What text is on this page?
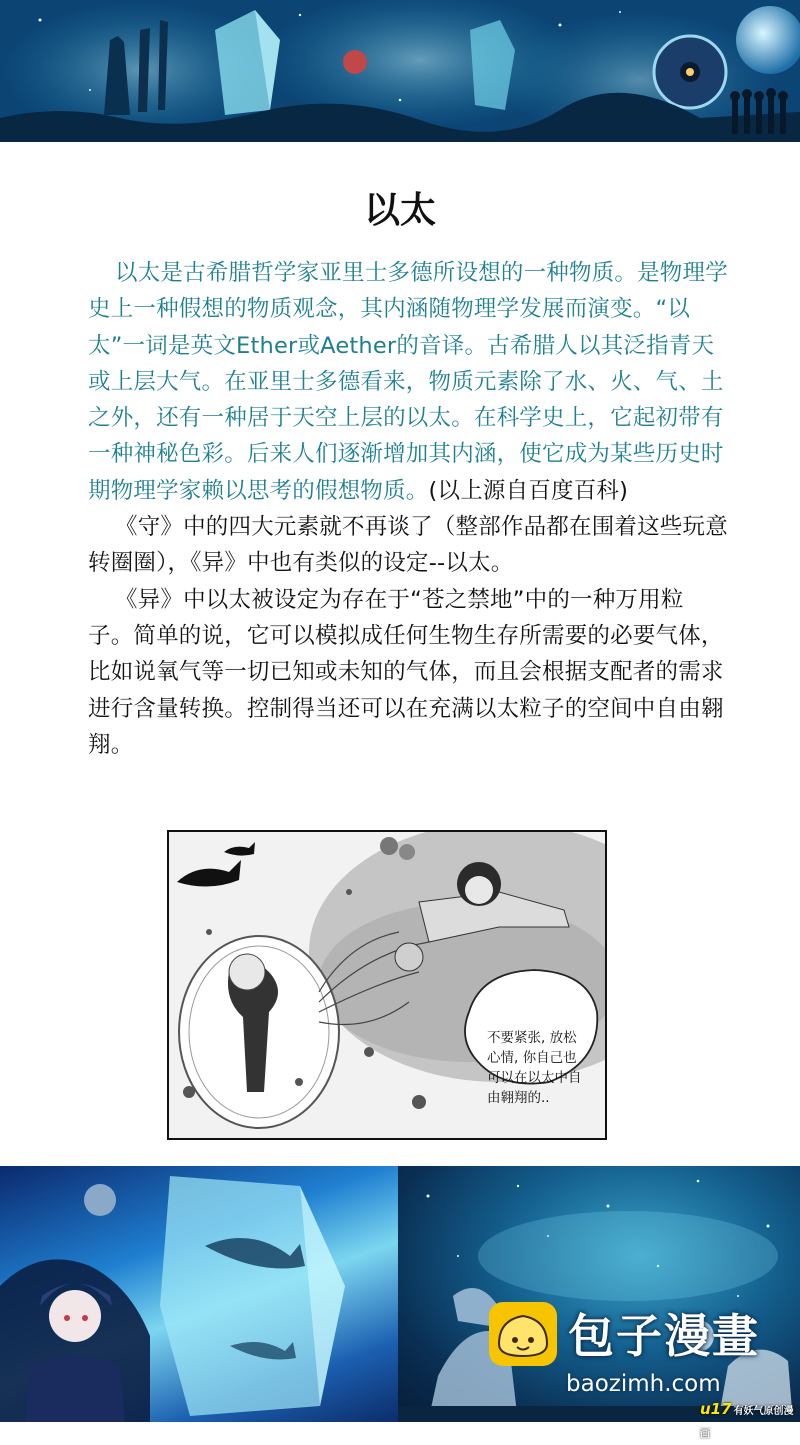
以太

以太是古希腊哲学家亚里士多德所设想的一种物质。是物理学史上一种假想的物质观念，其内涵随物理学发展而演变。“以太”一词是英文Ether或Aether的音译。古希腊人以其泛指青天或上层大气。在亚里士多德看来，物质元素除了水、火、气、土之外，还有一种居于天空上层的以太。在科学史上，它起初带有一种神秘色彩。后来人们逐渐增加其内涵，使它成为某些历史时期物理学家赖以思考的假想物质。(以上源自百度百科)

《守》中的四大元素就不再谈了（整部作品都在围着这些玩意转圈圈），《异》中也有类似的设定--以太。

《异》中以太被设定为存在于“苍之禁地”中的一种万用粒子。简单的说，它可以模拟成任何生物生存所需要的必要气体，比如说氧气等一切已知或未知的气体，而且会根据支配者的需求进行含量转换。控制得当还可以在充满以太粒子的空间中自由翱翔。

不要紧张, 放松
心情, 你自己也
可以在以太中自
由翱翔的..
包子漫畫
baozimh.com
u17 有妖气原创漫画
